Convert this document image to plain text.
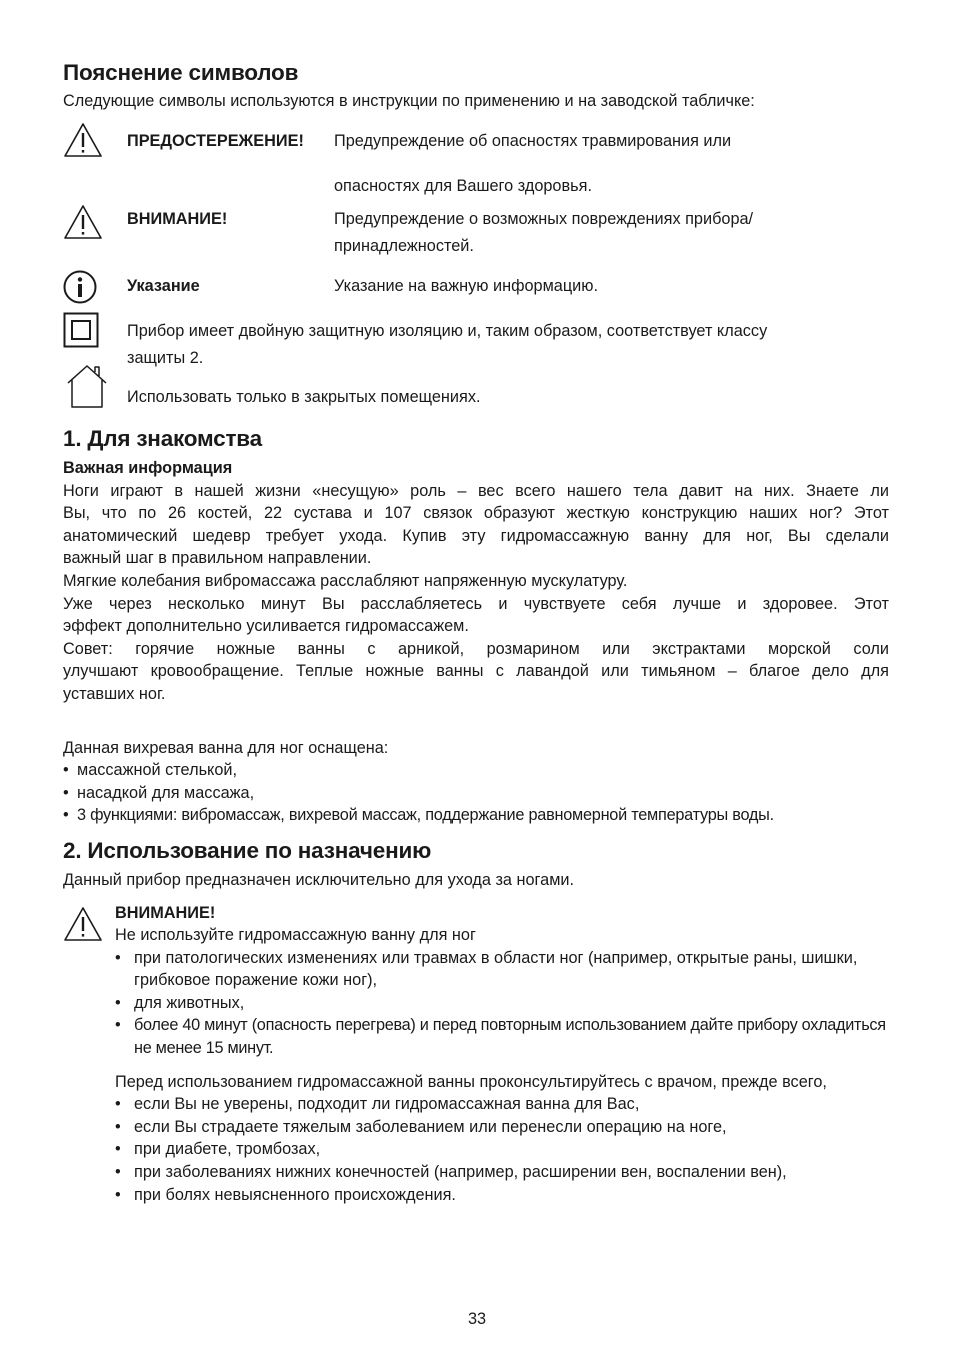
Пояснение символов

Следующие символы используются в инструкции по применению и на заводской табличке:

ПРЕДОСТЕРЕЖЕНИЕ! Предупреждение об опасностях травмирования или
опасностях для Вашего здоровья.
ВНИМАНИЕ!	Предупреждение о возможных повреждениях прибора/
принадлежностей.
Указание	Указание на важную информацию.
Прибор имеет двойную защитную изоляцию и, таким образом, соответствует классу
защиты 2.
Использовать только в закрытых помещениях.
1. Для знакомства

Важная информация

Ноги играют в нашей жизни «несущую» роль – вес всего нашего тела давит на них. Знаете ли

Вы, что по 26 костей, 22 сустава и 107 связок образуют жесткую конструкцию наших ног? Этот

анатомический шедевр требует ухода. Купив эту гидромассажную ванну для ног, Вы сделали

важный шаг в правильном направлении.

Мягкие колебания вибромассажа расслабляют напряженную мускулатуру.

Уже через несколько минут Вы расслабляетесь и чувствуете себя лучше и здоровее. Этот

эффект дополнительно усиливается гидромассажем.

Совет: горячие ножные ванны с арникой, розмарином или экстрактами морской соли

улучшают кровообращение. Теплые ножные ванны с лавандой или тимьяном – благое дело для

уставших ног.

Данная вихревая ванна для ног оснащена:

• массажной стелькой,
• насадкой для массажа,
• 3 функциями: вибромассаж, вихревой массаж, поддержание равномерной температуры воды.
2. Использование по назначению

Данный прибор предназначен исключительно для ухода за ногами.

ВНИМАНИЕ!

Не используйте гидромассажную ванну для ног

• при патологических изменениях или травмах в области ног (например, открытые раны, шишки, грибковое поражение кожи ног),
• для животных,
• более 40 минут (опасность перегрева) и перед повторным использованием дайте прибору охладиться не менее 15 минут.

Перед использованием гидромассажной ванны проконсультируйтесь с врачом, прежде всего,

• если Вы не уверены, подходит ли гидромассажная ванна для Вас,
• если Вы страдаете тяжелым заболеванием или перенесли операцию на ноге,
• при диабете, тромбозах,
• при заболеваниях нижних конечностей (например, расширении вен, воспалении вен),
• при болях невыясненного происхождения.
33
